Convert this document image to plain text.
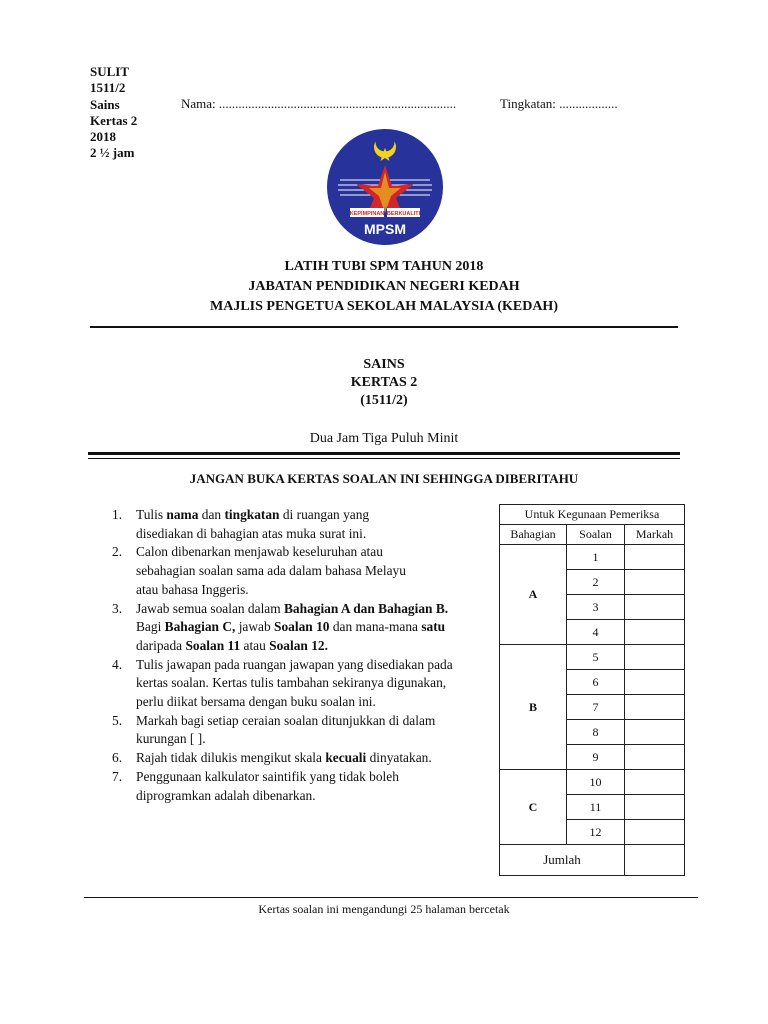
SULIT
1511/2
Sains
Kertas 2
2018
2 ½ jam
Nama: .........................................................................	Tingkatan: ..................
KEPIMPINAN BERKUALITI
MPSM
LATIH TUBI SPM TAHUN 2018
JABATAN PENDIDIKAN NEGERI KEDAH
MAJLIS PENGETUA SEKOLAH MALAYSIA (KEDAH)
SAINS
KERTAS 2
(1511/2)
Dua Jam Tiga Puluh Minit
JANGAN BUKA KERTAS SOALAN INI SEHINGGA DIBERITAHU
1.	Tulis nama dan tingkatan di ruangan yang
disediakan di bahagian atas muka surat ini.
2.	Calon dibenarkan menjawab keseluruhan atau
sebahagian soalan sama ada dalam bahasa Melayu
atau bahasa Inggeris.
3.	Jawab semua soalan dalam Bahagian A dan Bahagian B.
Bagi Bahagian C, jawab Soalan 10 dan mana-mana satu
daripada Soalan 11 atau Soalan 12.
4.	Tulis jawapan pada ruangan jawapan yang disediakan pada
kertas soalan. Kertas tulis tambahan sekiranya digunakan,
perlu diikat bersama dengan buku soalan ini.
5.	Markah bagi setiap ceraian soalan ditunjukkan di dalam
kurungan [ ].
6.	Rajah tidak dilukis mengikut skala kecuali dinyatakan.
7.	Penggunaan kalkulator saintifik yang tidak boleh
diprogramkan adalah dibenarkan.
Untuk Kegunaan Pemeriksa		
Bahagian	Soalan	Markah
A	1	
	2	
	3	
	4	
B	5	
	6	
	7	
	8	
	9	
C	10	
	11	
	12	
Jumlah		
Kertas soalan ini mengandungi 25 halaman bercetak
